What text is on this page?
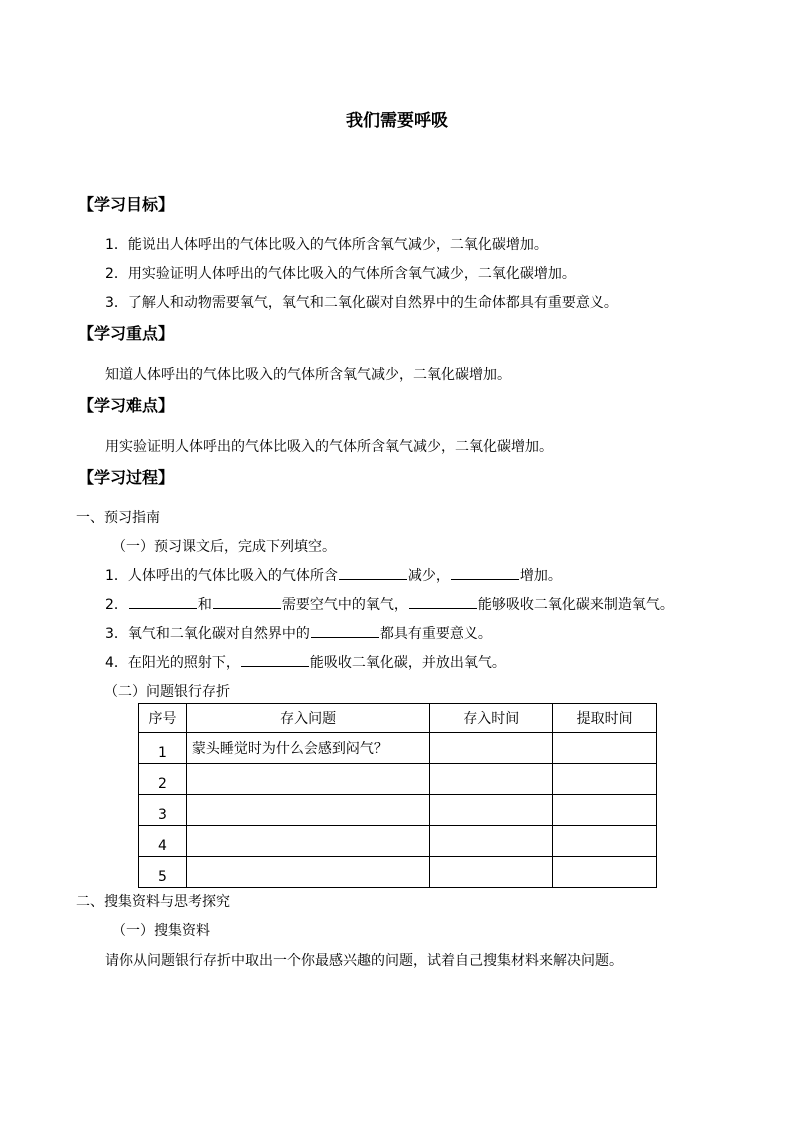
我们需要呼吸
【学习目标】
1．能说出人体呼出的气体比吸入的气体所含氧气减少，二氧化碳增加。
2．用实验证明人体呼出的气体比吸入的气体所含氧气减少，二氧化碳增加。
3．了解人和动物需要氧气，氧气和二氧化碳对自然界中的生命体都具有重要意义。
【学习重点】
知道人体呼出的气体比吸入的气体所含氧气减少，二氧化碳增加。
【学习难点】
用实验证明人体呼出的气体比吸入的气体所含氧气减少，二氧化碳增加。
【学习过程】
一、预习指南
（一）预习课文后，完成下列填空。
1．人体呼出的气体比吸入的气体所含	减少，	增加。
2．	和	需要空气中的氧气，	能够吸收二氧化碳来制造氧气。
3．氧气和二氧化碳对自然界中的	都具有重要意义。
4．在阳光的照射下，	能吸收二氧化碳，并放出氧气。
（二）问题银行存折
序号	存入问题	存入时间	提取时间
1	蒙头睡觉时为什么会感到闷气？		
2			
3			
4			
5			
二、搜集资料与思考探究
（一）搜集资料
请你从问题银行存折中取出一个你最感兴趣的问题，试着自己搜集材料来解决问题。
